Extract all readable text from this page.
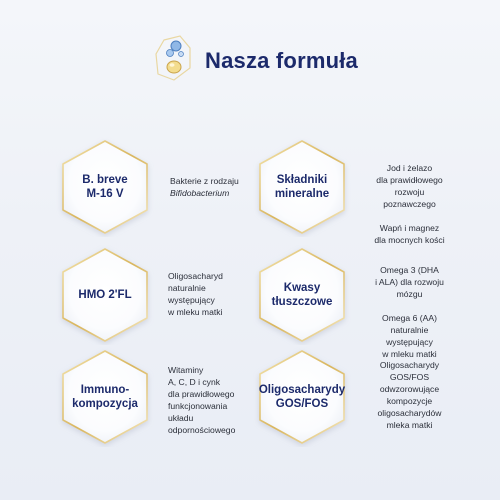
Nasza formuła
B. breve
M-16 V
Bakterie z rodzaju
Bifidobacterium
Składniki
mineralne

Jod i żelazo
dla prawidłowego
rozwoju
poznawczego
Wapń i magnez
dla mocnych kości

HMO 2'FL
Oligosacharyd
naturalnie
występujący
w mleku matki
Kwasy
tłuszczowe

Omega 3 (DHA
i ALA) dla rozwoju
mózgu
Omega 6 (AA)
naturalnie
występujący
w mleku matki

Immuno-
kompozycja
Witaminy
A, C, D i cynk
dla prawidłowego
funkcjonowania
układu
odpornościowego
Oligosacharydy
GOS/FOS
Oligosacharydy
GOS/FOS
odwzorowujące
kompozycje
oligosacharydów
mleka matki
